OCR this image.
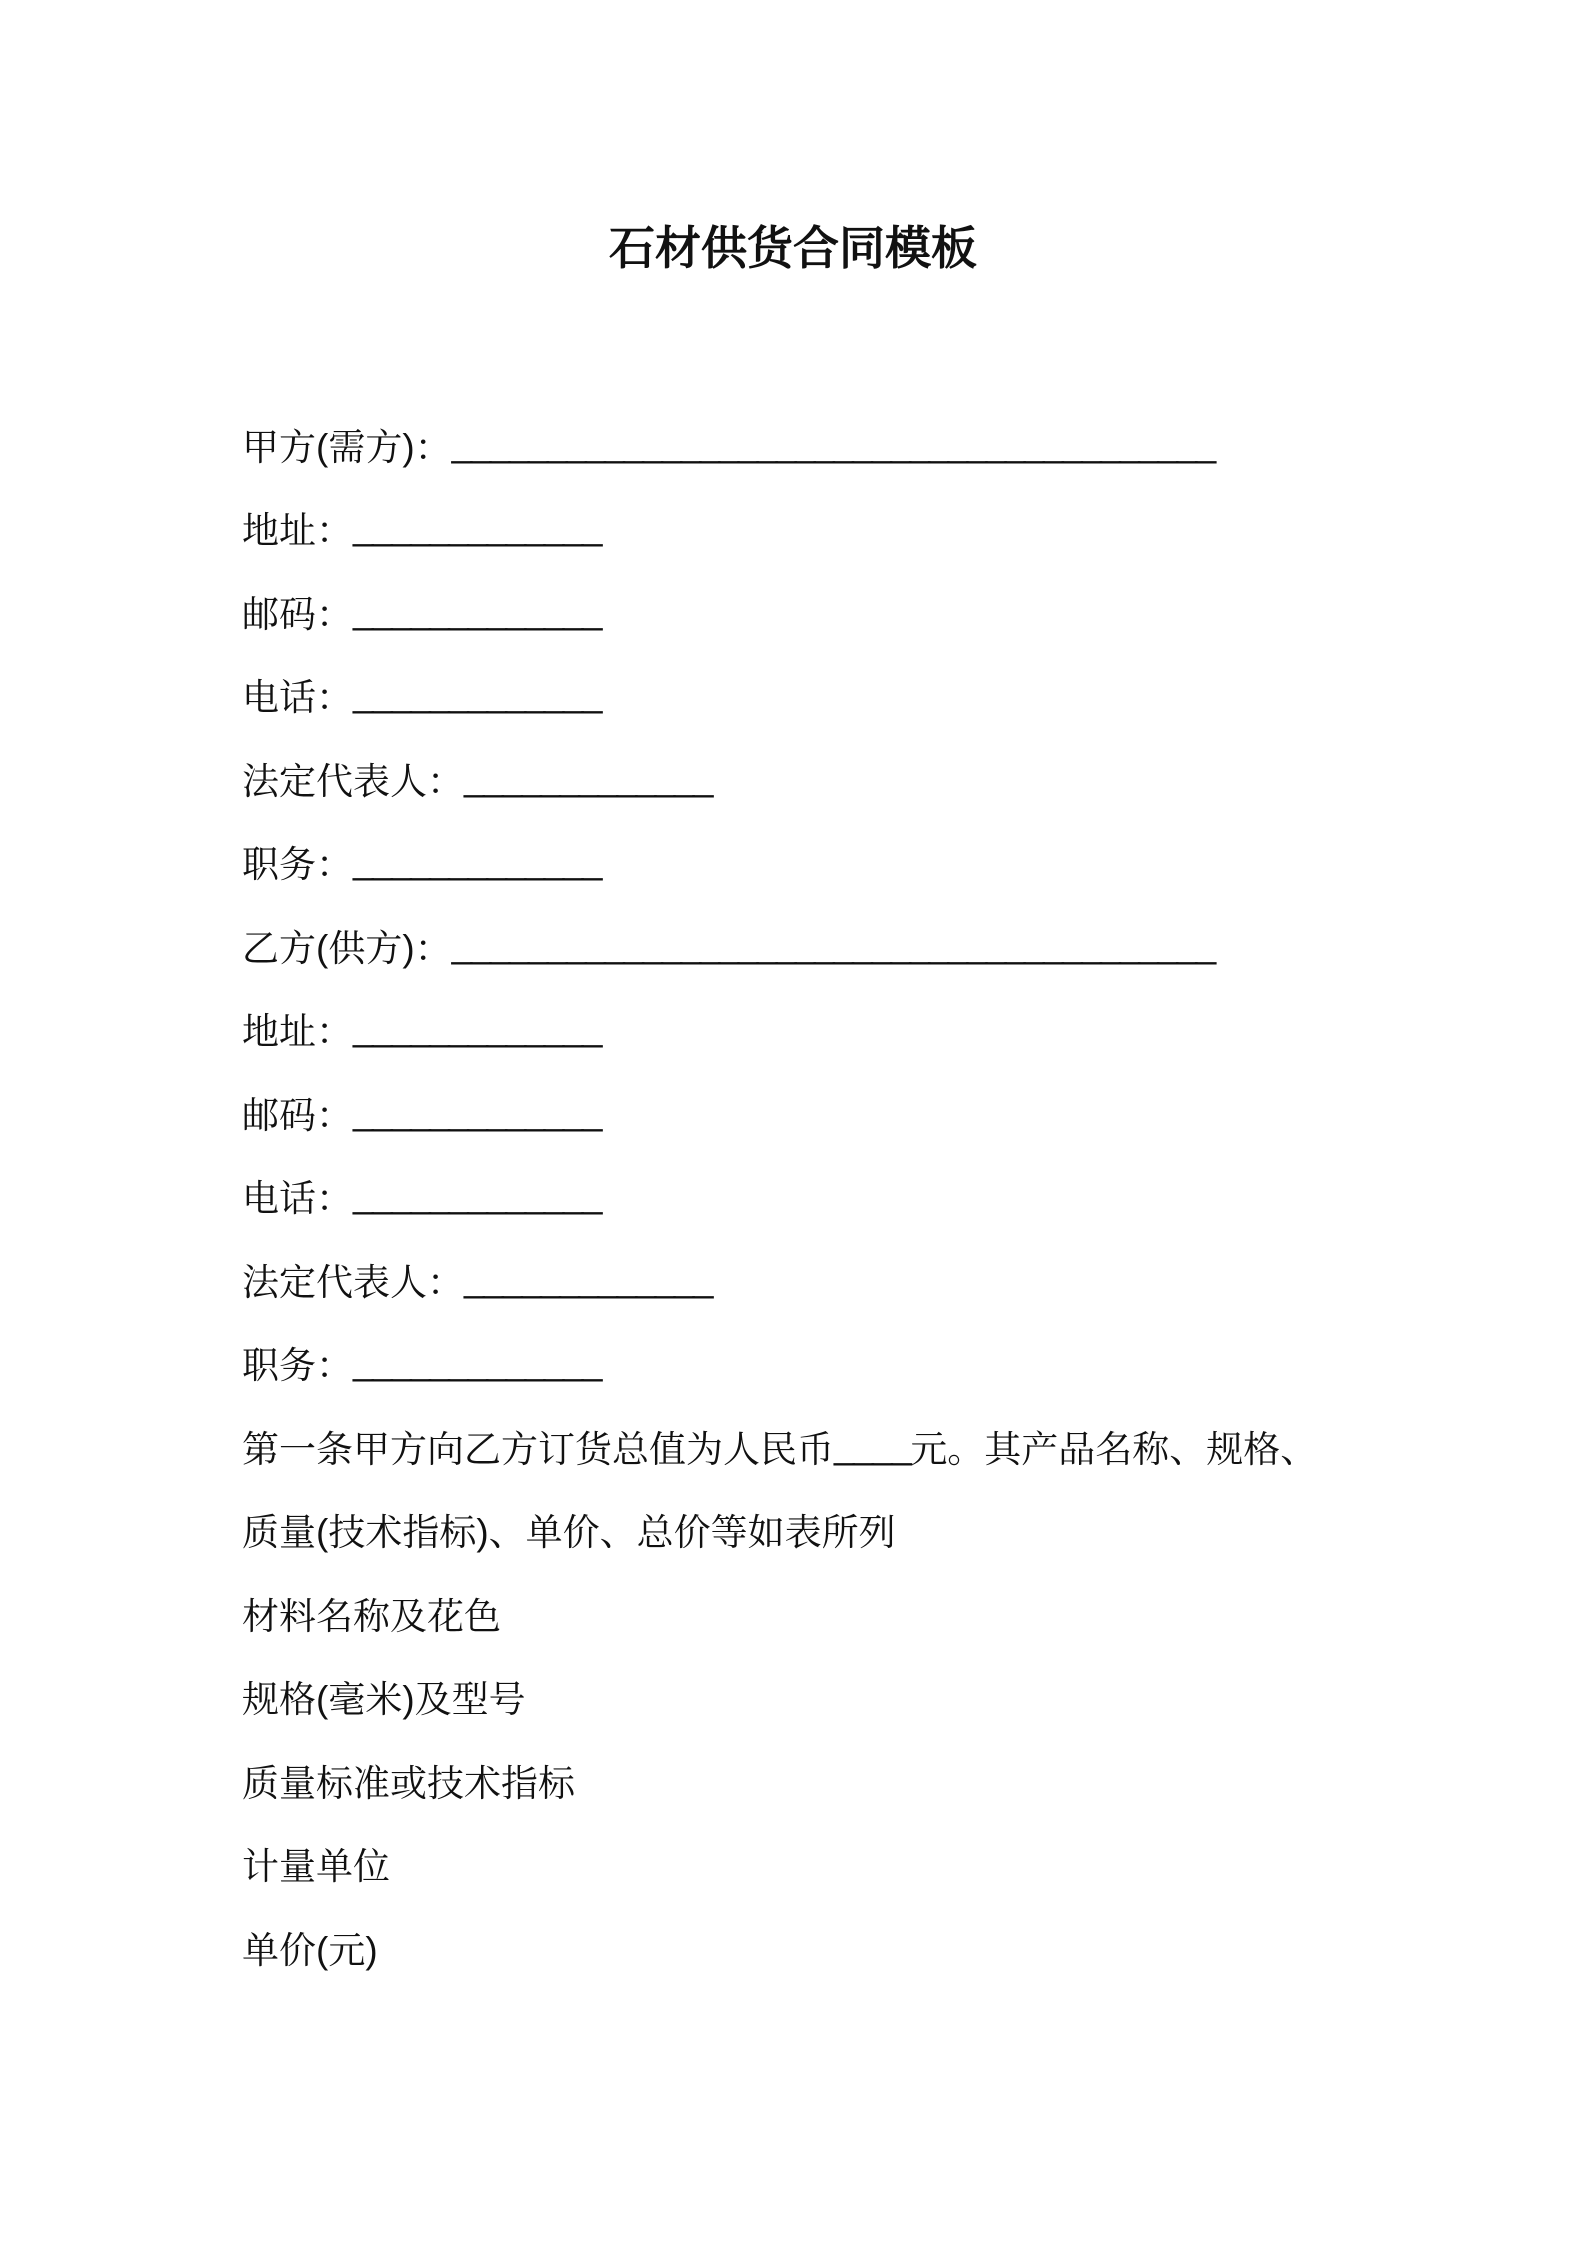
石材供货合同模板
甲方(需方)： ________________________________________
地址： _____________
邮码： _____________
电话： _____________
法定代表人： _____________
职务： _____________
乙方(供方)： ________________________________________
地址： _____________
邮码： _____________
电话： _____________
法定代表人： _____________
职务： _____________
第一条甲方向乙方订货总值为人民币 ____ 元。其产品名称、规格、
质量(技术指标)、单价、总价等如表所列
材料名称及花色
规格(毫米)及型号
质量标准或技术指标
计量单位
单价(元)
